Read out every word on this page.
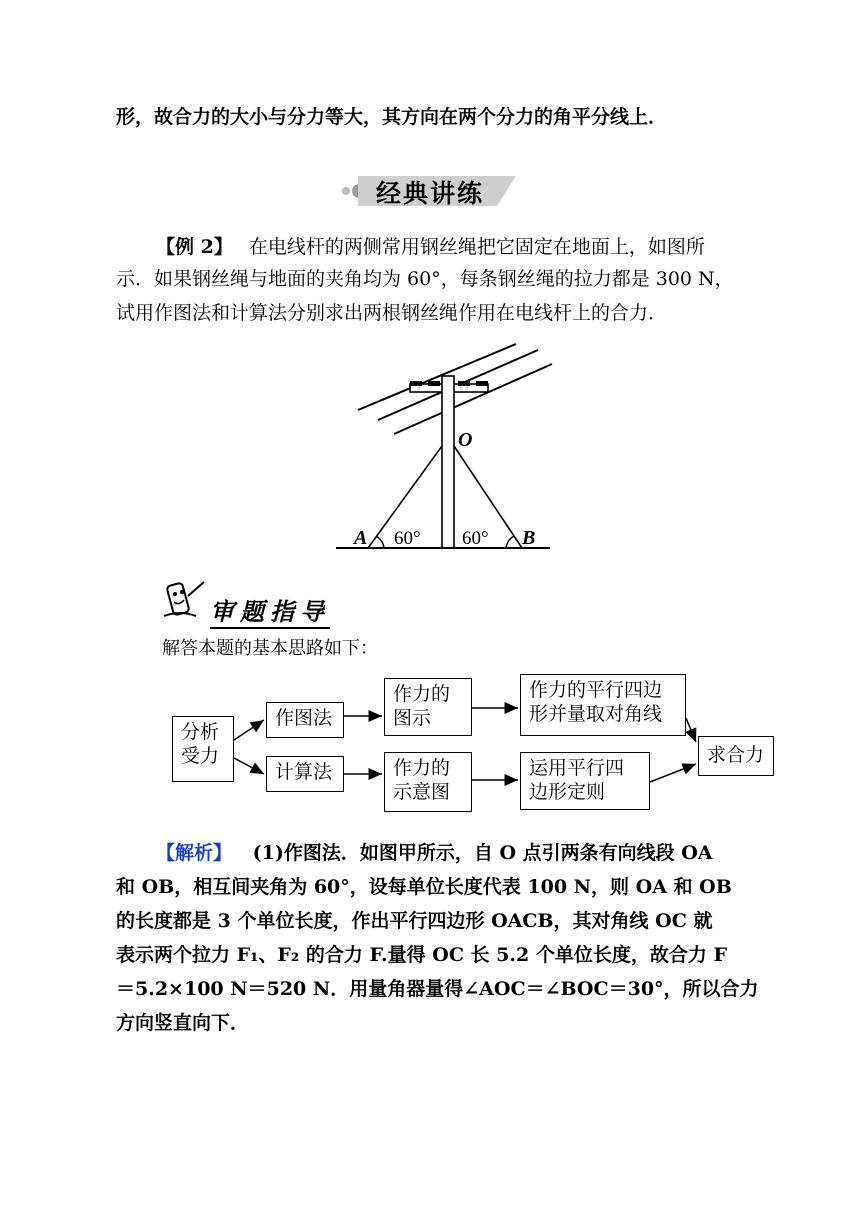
形，故合力的大小与分力等大，其方向在两个分力的角平分线上．
经典讲练
【例 2】 在电线杆的两侧常用钢丝绳把它固定在地面上，如图所
示．如果钢丝绳与地面的夹角均为 60°，每条钢丝绳的拉力都是 300 N，
试用作图法和计算法分别求出两根钢丝绳作用在电线杆上的合力．
O
A	B
60° 60°
审题指导
解答本题的基本思路如下：
分析
受力
作图法
计算法
作力的
图示
作力的
示意图
作力的平行四边
形并量取对角线
运用平行四
边形定则
求合力
【解析】 (1)作图法．如图甲所示，自 O 点引两条有向线段 OA
和 OB，相互间夹角为 60°，设每单位长度代表 100 N，则 OA 和 OB
的长度都是 3 个单位长度，作出平行四边形 OACB，其对角线 OC 就
表示两个拉力 F₁、F₂ 的合力 F.量得 OC 长 5.2 个单位长度，故合力 F
＝5.2×100 N＝520 N．用量角器量得∠AOC＝∠BOC＝30°，所以合力
方向竖直向下．
